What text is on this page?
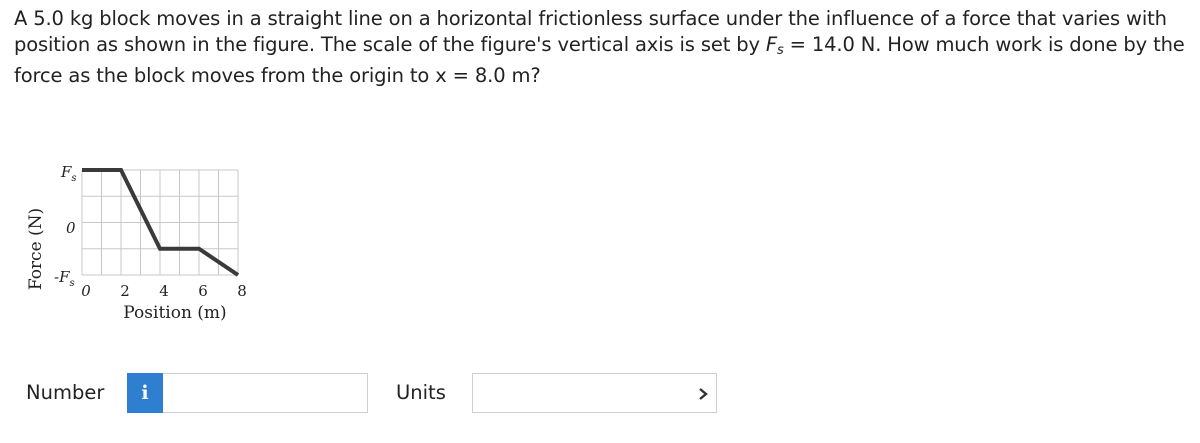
A 5.0 kg block moves in a straight line on a horizontal frictionless surface under the influence of a force that varies with position as shown in the figure. The scale of the figure's vertical axis is set by $F_s = 14.0$ N. How much work is done by the force as the block moves from the origin to x = 8.0 m?
Force (N)
$F_s$
0
$-F_s$ 0 2 4 6 8
Position (m)
Number	i	Units
